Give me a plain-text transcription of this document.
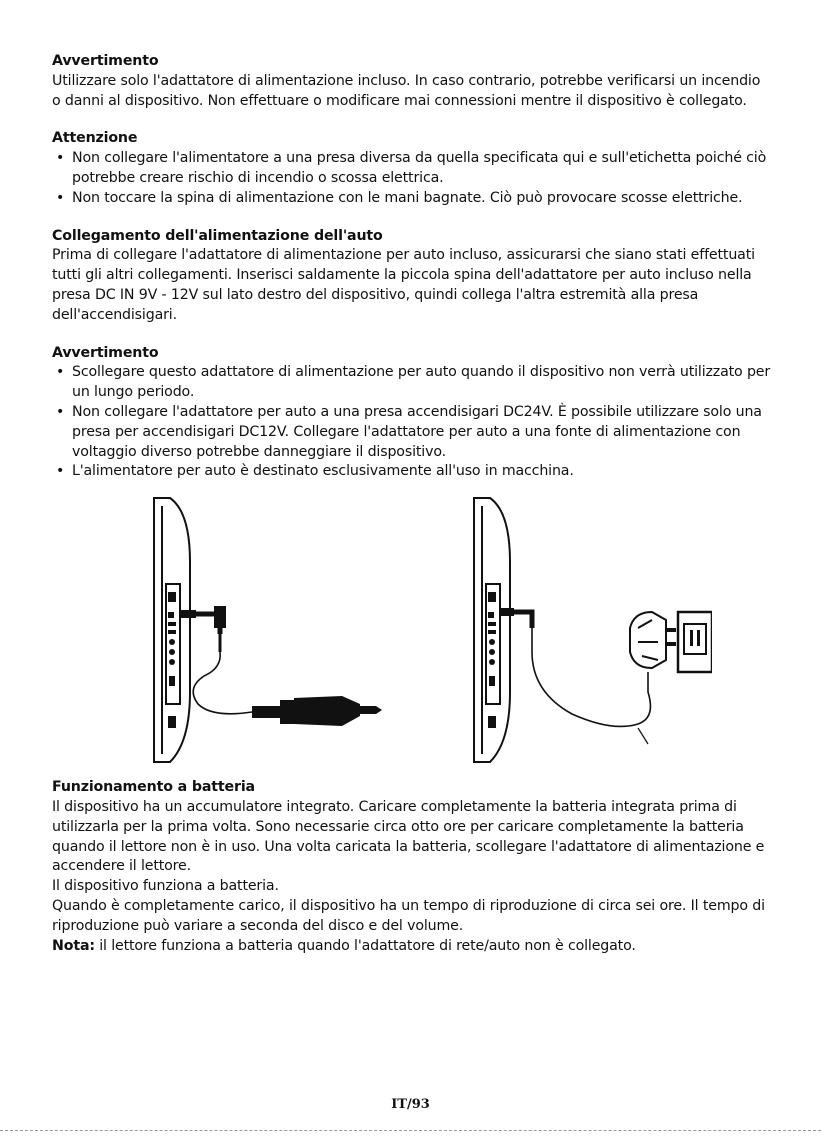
Avvertimento

Utilizzare solo l'adattatore di alimentazione incluso. In caso contrario, potrebbe verificarsi un incendio o danni al dispositivo. Non effettuare o modificare mai connessioni mentre il dispositivo è collegato.

Attenzione

• Non collegare l'alimentatore a una presa diversa da quella specificata qui e sull'etichetta poiché ciò potrebbe creare rischio di incendio o scossa elettrica.
• Non toccare la spina di alimentazione con le mani bagnate. Ciò può provocare scosse elettriche.

Collegamento dell'alimentazione dell'auto

Prima di collegare l'adattatore di alimentazione per auto incluso, assicurarsi che siano stati effettuati tutti gli altri collegamenti. Inserisci saldamente la piccola spina dell'adattatore per auto incluso nella presa DC IN 9V - 12V sul lato destro del dispositivo, quindi collega l'altra estremità alla presa dell'accendisigari.

Avvertimento

• Scollegare questo adattatore di alimentazione per auto quando il dispositivo non verrà utilizzato per un lungo periodo.
• Non collegare l'adattatore per auto a una presa accendisigari DC24V. È possibile utilizzare solo una presa per accendisigari DC12V. Collegare l'adattatore per auto a una fonte di alimentazione con voltaggio diverso potrebbe danneggiare il dispositivo.
• L'alimentatore per auto è destinato esclusivamente all'uso in macchina.

Funzionamento a batteria

Il dispositivo ha un accumulatore integrato. Caricare completamente la batteria integrata prima di utilizzarla per la prima volta. Sono necessarie circa otto ore per caricare completamente la batteria quando il lettore non è in uso. Una volta caricata la batteria, scollegare l'adattatore di alimentazione e accendere il lettore.

Il dispositivo funziona a batteria.

Quando è completamente carico, il dispositivo ha un tempo di riproduzione di circa sei ore. Il tempo di riproduzione può variare a seconda del disco e del volume.

Nota: il lettore funziona a batteria quando l'adattatore di rete/auto non è collegato.

IT/93
